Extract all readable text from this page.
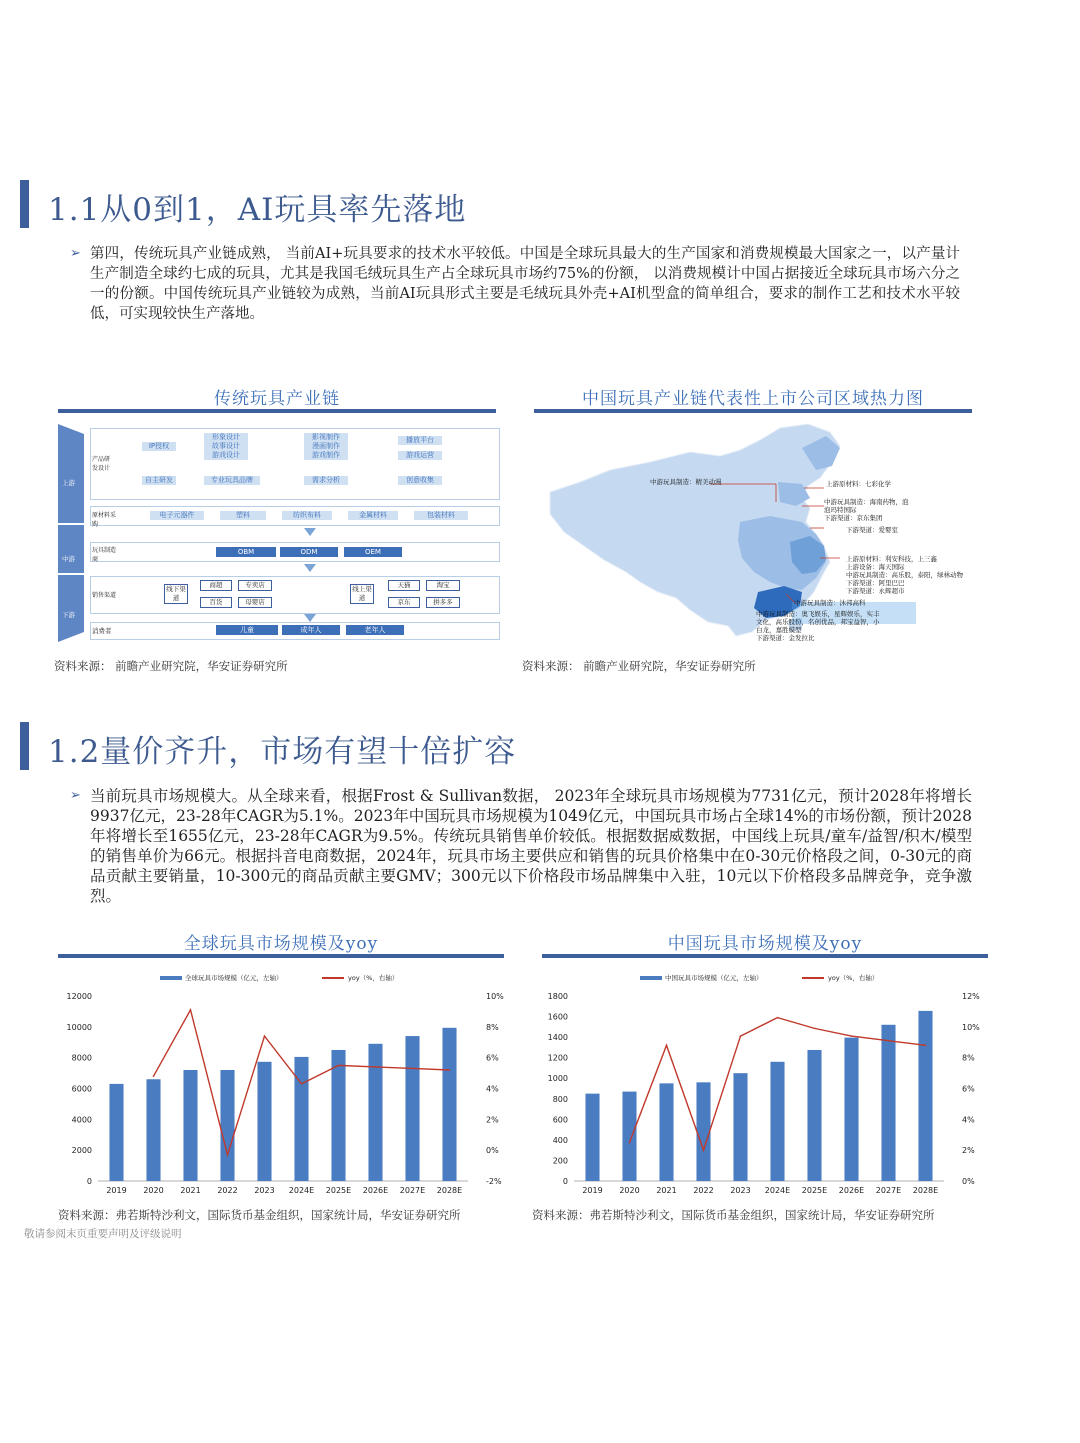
1.1从0到1，AI玩具率先落地
➢ 第四，传统玩具产业链成熟， 当前AI+玩具要求的技术水平较低。中国是全球玩具最大的生产国家和消费规模最大国家之一，以产量计生产制造全球约七成的玩具，尤其是我国毛绒玩具生产占全球玩具市场约75%的份额， 以消费规模计中国占据接近全球玩具市场六分之一的份额。中国传统玩具产业链较为成熟，当前AI玩具形式主要是毛绒玩具外壳+AI机型盒的简单组合，要求的制作工艺和技术水平较低，可实现较快生产落地。
传统玩具产业链
上游
中游
下游
产品研发设计
原材料采购
玩具制造商
销售渠道
消费者
IP授权
形象设计
故事设计
游戏设计
影视制作
漫画制作
游戏制作
播放平台
游戏运营
自主研发	专业玩具品牌	需求分析	创意收集
电子元器件	塑料	纺织布料	金属材料	包装材料
OBM	ODM	OEM
线下渠道
商超	专卖店
百货	母婴店
线上渠道
天猫	淘宝
京东	拼多多
儿童	成年人	老年人
资料来源： 前瞻产业研究院，华安证券研究所
中国玩具产业链代表性上市公司区域热力图
中游玩具制造：精美动漫	上游原材料：七彩化学
中游玩具制造：海南药物，泡泡玛特国际
下游渠道：京东集团
下游渠道：爱婴室
上游原材料：利安科技，上三鑫
上游设备：海天国际
中游玩具制造：高乐股，泰阳，绿林动物
下游渠道：阿里巴巴
下游渠道：永辉超市
中游玩具制造：沐邦高科
中游玩具制造：奥飞娱乐，星辉娱乐，实丰文化，高乐股份，名创优品，邦宝益智，小白龙，嘉胜模型
下游渠道：金发拉比
资料来源： 前瞻产业研究院，华安证券研究所
1.2量价齐升，市场有望十倍扩容
➢ 当前玩具市场规模大。从全球来看，根据Frost & Sullivan数据， 2023年全球玩具市场规模为7731亿元，预计2028年将增长9937亿元，23-28年CAGR为5.1%。2023年中国玩具市场规模为1049亿元，中国玩具市场占全球14%的市场份额，预计2028年将增长至1655亿元，23-28年CAGR为9.5%。传统玩具销售单价较低。根据数据威数据，中国线上玩具/童车/益智/积木/模型的销售单价为66元。根据抖音电商数据，2024年，玩具市场主要供应和销售的玩具价格集中在0-30元价格段之间，0-30元的商品贡献主要销量，10-300元的商品贡献主要GMV；300元以下价格段市场品牌集中入驻，10元以下价格段多品牌竞争，竞争激烈。
全球玩具市场规模及yoy
全球玩具市场规模（亿元，左轴）	yoy（%，右轴）
0
2000
4000
6000
8000
10000
12000
-2%
0%
2%
4%
6%
8%
10%
2019 2020 2021 2022 2023 2024E 2025E 2026E 2027E 2028E
资料来源：弗若斯特沙利文，国际货币基金组织，国家统计局，华安证券研究所
中国玩具市场规模及yoy
中国玩具市场规模（亿元，左轴）	yoy（%，右轴）
0
200
400
600
800
1000
1200
1400
1600
1800
0%
2%
4%
6%
8%
10%
12%
2019 2020 2021 2022 2023 2024E 2025E 2026E 2027E 2028E
资料来源：弗若斯特沙利文，国际货币基金组织，国家统计局，华安证券研究所
敬请参阅末页重要声明及评级说明
